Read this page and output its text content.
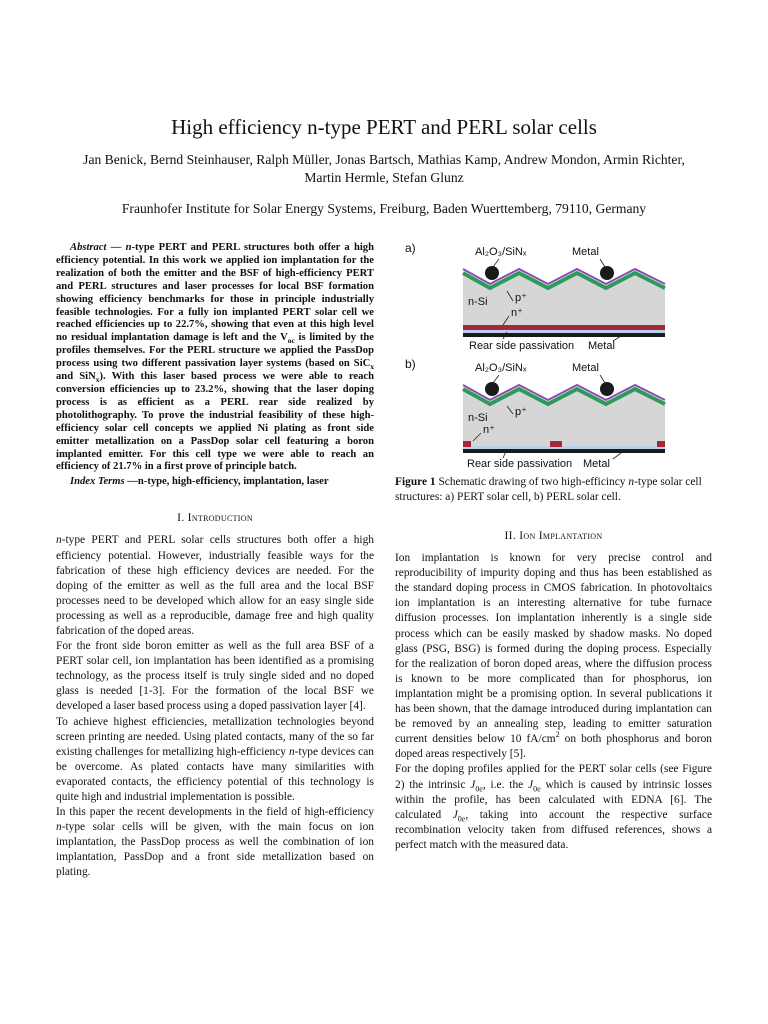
High efficiency n-type PERT and PERL solar cells
Jan Benick, Bernd Steinhauser, Ralph Müller, Jonas Bartsch, Mathias Kamp, Andrew Mondon, Armin Richter, Martin Hermle, Stefan Glunz
Fraunhofer Institute for Solar Energy Systems, Freiburg, Baden Wuerttemberg, 79110, Germany

Abstract — n-type PERT and PERL structures both offer a high efficiency potential. In this work we applied ion implantation for the realization of both the emitter and the BSF of high-efficiency PERT and PERL structures and laser processes for local BSF formation showing efficiency benchmarks for those in principle industrially feasible technologies. For a fully ion implanted PERT solar cell we reached efficiencies up to 22.7%, showing that even at this high level no residual implantation damage is left and the $V_{oc}$ is limited by the profiles themselves. For the PERL structure we applied the PassDop process using two different passivation layer systems (based on SiC$_x$ and SiN$_x$). With this laser based process we were able to reach conversion efficiencies up to 23.2%, showing that the laser doping process is as efficient as a PERL rear side realized by photolithography. To prove the industrial feasibility of these high-efficiency solar cell concepts we applied Ni plating as front side emitter metallization on a PassDop solar cell featuring a boron implanted emitter. For this cell type we were able to reach an efficiency of 21.7% in a first prove of principle batch.

Index Terms —n-type, high-efficiency, implantation, laser

I. Introduction

n-type PERT and PERL solar cells structures both offer a high efficiency potential. However, industrially feasible ways for the fabrication of these high efficiency devices are needed. For the doping of the emitter as well as the full area and the local BSF processes need to be developed which allow for an easy single side processing as well as a reproducible, damage free and high quality fabrication of the doped areas.

For the front side boron emitter as well as the full area BSF of a PERT solar cell, ion implantation has been identified as a promising technology, as the process itself is truly single sided and no doped glass is needed [1-3]. For the formation of the local BSF we developed a laser based process using a doped passivation layer [4].

To achieve highest efficiencies, metallization technologies beyond screen printing are needed. Using plated contacts, many of the so far existing challenges for metallizing high-efficiency n-type devices can be overcome. As plated contacts have many similarities with evaporated contacts, the efficiency potential of this technology is quite high and industrial implementation is possible.

In this paper the recent developments in the field of high-efficiency n-type solar cells will be given, with the main focus on ion implantation, the PassDop process as well the combination of ion implantation, PassDop and a front side metallization based on plating.

a)	Al₂O₃/SiNₓ	Metal
n-Si p⁺
n⁺
Rear side passivation Metal
b)	Al₂O₃/SiNₓ	Metal
n-Si p⁺
n⁺
Rear side passivation Metal

Figure 1 Schematic drawing of two high-efficincy n-type solar cell structures: a) PERT solar cell, b) PERL solar cell.

II. Ion Implantation

Ion implantation is known for very precise control and reproducibility of impurity doping and thus has been established as the standard doping process in CMOS fabrication. In photovoltaics ion implantation is an interesting alternative for tube furnace diffusion processes. Ion implantation inherently is a single side process which can be easily masked by shadow masks. No doped glass (PSG, BSG) is formed during the doping process. Especially for the realization of boron doped areas, where the diffusion process is known to be more complicated than for phosphorus, ion implantation might be a promising option. In several publications it has been shown, that the damage introduced during implantation can be removed by an annealing step, leading to emitter saturation current densities below 10 $fA/cm^2$ on both phosphorus and boron doped areas respectively [5].

For the doping profiles applied for the PERT solar cells (see Figure 2) the intrinsic $J_{0e}$, i.e. the $J_{0e}$ which is caused by intrinsic losses within the profile, has been calculated with EDNA [6]. The calculated $J_{0e}$, taking into account the respective surface recombination velocity taken from diffused references, shows a perfect match with the measured data.
